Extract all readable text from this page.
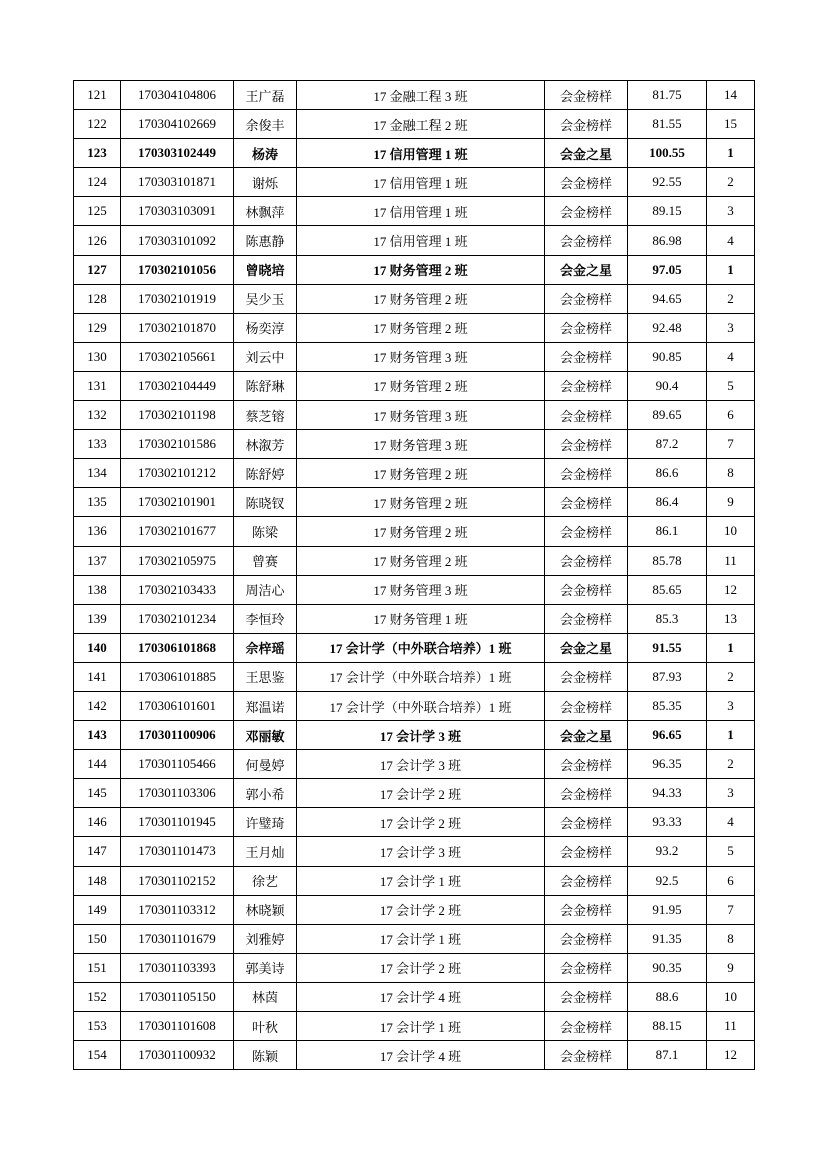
121	170304104806	王广磊	17 金融工程 3 班	会金榜样	81.75	14
122	170304102669	余俊丰	17 金融工程 2 班	会金榜样	81.55	15
123	170303102449	杨涛	17 信用管理 1 班	会金之星	100.55	1
124	170303101871	谢烁	17 信用管理 1 班	会金榜样	92.55	2
125	170303103091	林飘萍	17 信用管理 1 班	会金榜样	89.15	3
126	170303101092	陈惠静	17 信用管理 1 班	会金榜样	86.98	4
127	170302101056	曾晓培	17 财务管理 2 班	会金之星	97.05	1
128	170302101919	吴少玉	17 财务管理 2 班	会金榜样	94.65	2
129	170302101870	杨奕淳	17 财务管理 2 班	会金榜样	92.48	3
130	170302105661	刘云中	17 财务管理 3 班	会金榜样	90.85	4
131	170302104449	陈舒琳	17 财务管理 2 班	会金榜样	90.4	5
132	170302101198	蔡芝镕	17 财务管理 3 班	会金榜样	89.65	6
133	170302101586	林溆芳	17 财务管理 3 班	会金榜样	87.2	7
134	170302101212	陈舒婷	17 财务管理 2 班	会金榜样	86.6	8
135	170302101901	陈晓钗	17 财务管理 2 班	会金榜样	86.4	9
136	170302101677	陈梁	17 财务管理 2 班	会金榜样	86.1	10
137	170302105975	曾赛	17 财务管理 2 班	会金榜样	85.78	11
138	170302103433	周洁心	17 财务管理 3 班	会金榜样	85.65	12
139	170302101234	李恒玲	17 财务管理 1 班	会金榜样	85.3	13
140	170306101868	佘梓瑶	17 会计学（中外联合培养）1 班	会金之星	91.55	1
141	170306101885	王思鉴	17 会计学（中外联合培养）1 班	会金榜样	87.93	2
142	170306101601	郑温诺	17 会计学（中外联合培养）1 班	会金榜样	85.35	3
143	170301100906	邓丽敏	17 会计学 3 班	会金之星	96.65	1
144	170301105466	何曼婷	17 会计学 3 班	会金榜样	96.35	2
145	170301103306	郭小希	17 会计学 2 班	会金榜样	94.33	3
146	170301101945	许璧琦	17 会计学 2 班	会金榜样	93.33	4
147	170301101473	王月灿	17 会计学 3 班	会金榜样	93.2	5
148	170301102152	徐艺	17 会计学 1 班	会金榜样	92.5	6
149	170301103312	林晓颖	17 会计学 2 班	会金榜样	91.95	7
150	170301101679	刘雅婷	17 会计学 1 班	会金榜样	91.35	8
151	170301103393	郭美诗	17 会计学 2 班	会金榜样	90.35	9
152	170301105150	林茵	17 会计学 4 班	会金榜样	88.6	10
153	170301101608	叶秋	17 会计学 1 班	会金榜样	88.15	11
154	170301100932	陈颖	17 会计学 4 班	会金榜样	87.1	12
